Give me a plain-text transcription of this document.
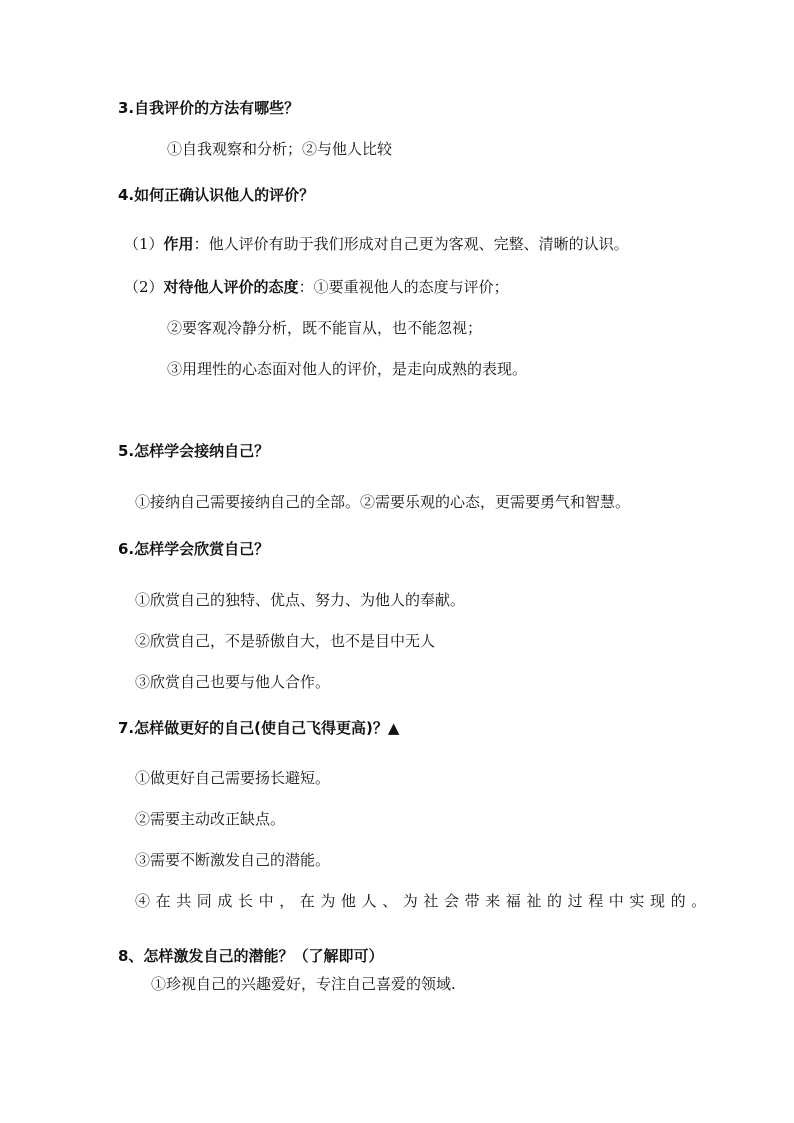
3.自我评价的方法有哪些？
①自我观察和分析；②与他人比较
4.如何正确认识他人的评价？
（1）作用：他人评价有助于我们形成对自己更为客观、完整、清晰的认识。
（2）对待他人评价的态度：①要重视他人的态度与评价；
②要客观冷静分析，既不能盲从，也不能忽视；
③用理性的心态面对他人的评价，是走向成熟的表现。
5.怎样学会接纳自己？
①接纳自己需要接纳自己的全部。②需要乐观的心态，更需要勇气和智慧。
6.怎样学会欣赏自己？
①欣赏自己的独特、优点、努力、为他人的奉献。
②欣赏自己，不是骄傲自大，也不是目中无人
③欣赏自己也要与他人合作。
7.怎样做更好的自己(使自己飞得更高)？▲
①做更好自己需要扬长避短。
②需要主动改正缺点。
③需要不断激发自己的潜能。
④在共同成长中，在为他人、为社会带来福祉的过程中实现的。
8、怎样激发自己的潜能？（了解即可）
①珍视自己的兴趣爱好，专注自己喜爱的领域.
